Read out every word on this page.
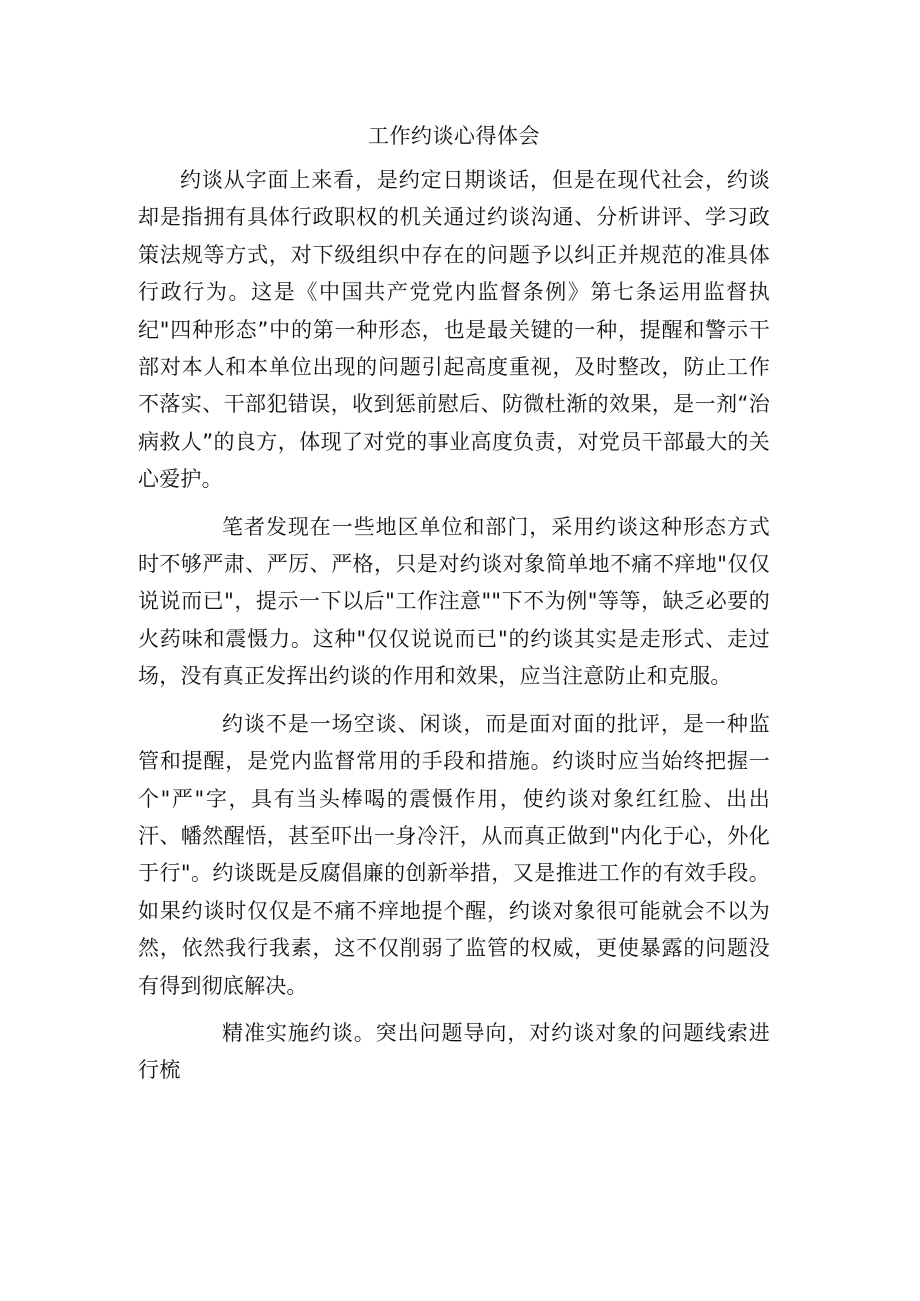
工作约谈心得体会

约谈从字面上来看，是约定日期谈话，但是在现代社会，约谈却是指拥有具体行政职权的机关通过约谈沟通、分析讲评、学习政策法规等方式，对下级组织中存在的问题予以纠正并规范的准具体行政行为。这是《中国共产党党内监督条例》第七条运用监督执纪"四种形态”中的第一种形态，也是最关键的一种，提醒和警示干部对本人和本单位出现的问题引起高度重视，及时整改，防止工作不落实、干部犯错误，收到惩前慰后、防微杜渐的效果，是一剂“治病救人”的良方，体现了对党的事业高度负责，对党员干部最大的关心爱护。

笔者发现在一些地区单位和部门，采用约谈这种形态方式时不够严肃、严厉、严格，只是对约谈对象简单地不痛不痒地"仅仅说说而已"，提示一下以后"工作注意""下不为例"等等，缺乏必要的火药味和震慑力。这种"仅仅说说而已"的约谈其实是走形式、走过场，没有真正发挥出约谈的作用和效果，应当注意防止和克服。

约谈不是一场空谈、闲谈，而是面对面的批评，是一种监管和提醒，是党内监督常用的手段和措施。约谈时应当始终把握一个"严"字，具有当头棒喝的震慑作用，使约谈对象红红脸、出出汗、幡然醒悟，甚至吓出一身冷汗，从而真正做到"内化于心，外化于行"。约谈既是反腐倡廉的创新举措，又是推进工作的有效手段。如果约谈时仅仅是不痛不痒地提个醒，约谈对象很可能就会不以为然，依然我行我素，这不仅削弱了监管的权威，更使暴露的问题没有得到彻底解决。

精准实施约谈。突出问题导向，对约谈对象的问题线索进行梳
